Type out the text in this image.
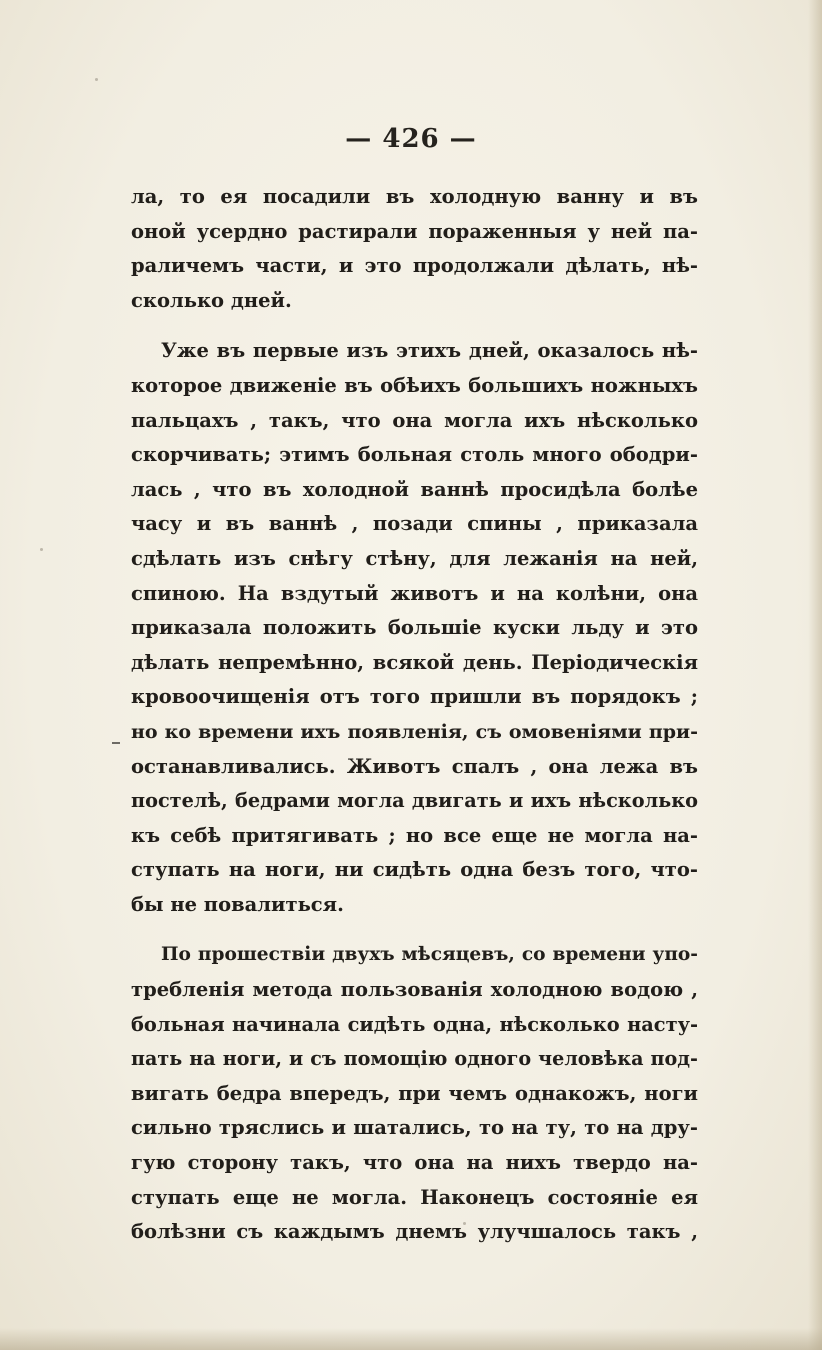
— 426 —
ла, то ея посадили въ холодную ванну и въ
оной усердно растирали пораженныя у ней па-
раличемъ части, и это продолжали дѣлать, нѣ-
сколько дней.
Уже въ первые изъ этихъ дней, оказалось нѣ-
которое движеніе въ обѣихъ большихъ ножныхъ
пальцахъ , такъ, что она могла ихъ нѣсколько
скорчивать; этимъ больная столь много ободри-
лась , что въ холодной ваннѣ просидѣла болѣе
часу и въ ваннѣ , позади спины , приказала
сдѣлать изъ снѣгу стѣну, для лежанія на ней,
спиною. На вздутый животъ и на колѣни, она
приказала положить большіе куски льду и это
дѣлать непремѣнно, всякой день. Періодическія
кровоочищенія отъ того пришли въ порядокъ ;
но ко времени ихъ появленія, съ омовеніями при-
останавливались. Животъ спалъ , она лежа въ
постелѣ, бедрами могла двигать и ихъ нѣсколько
къ себѣ притягивать ; но все еще не могла на-
ступать на ноги, ни сидѣть одна безъ того, что-
бы не повалиться.
По прошествіи двухъ мѣсяцевъ, со времени упо-
требленія метода пользованія холодною водою ,
больная начинала сидѣть одна, нѣсколько насту-
пать на ноги, и съ помощію одного человѣка под-
вигать бедра впередъ, при чемъ однакожъ, ноги
сильно тряслись и шатались, то на ту, то на дру-
гую сторону такъ, что она на нихъ твердо на-
ступать еще не могла. Наконецъ состояніе ея
болѣзни съ каждымъ днемъ улучшалось такъ ,
